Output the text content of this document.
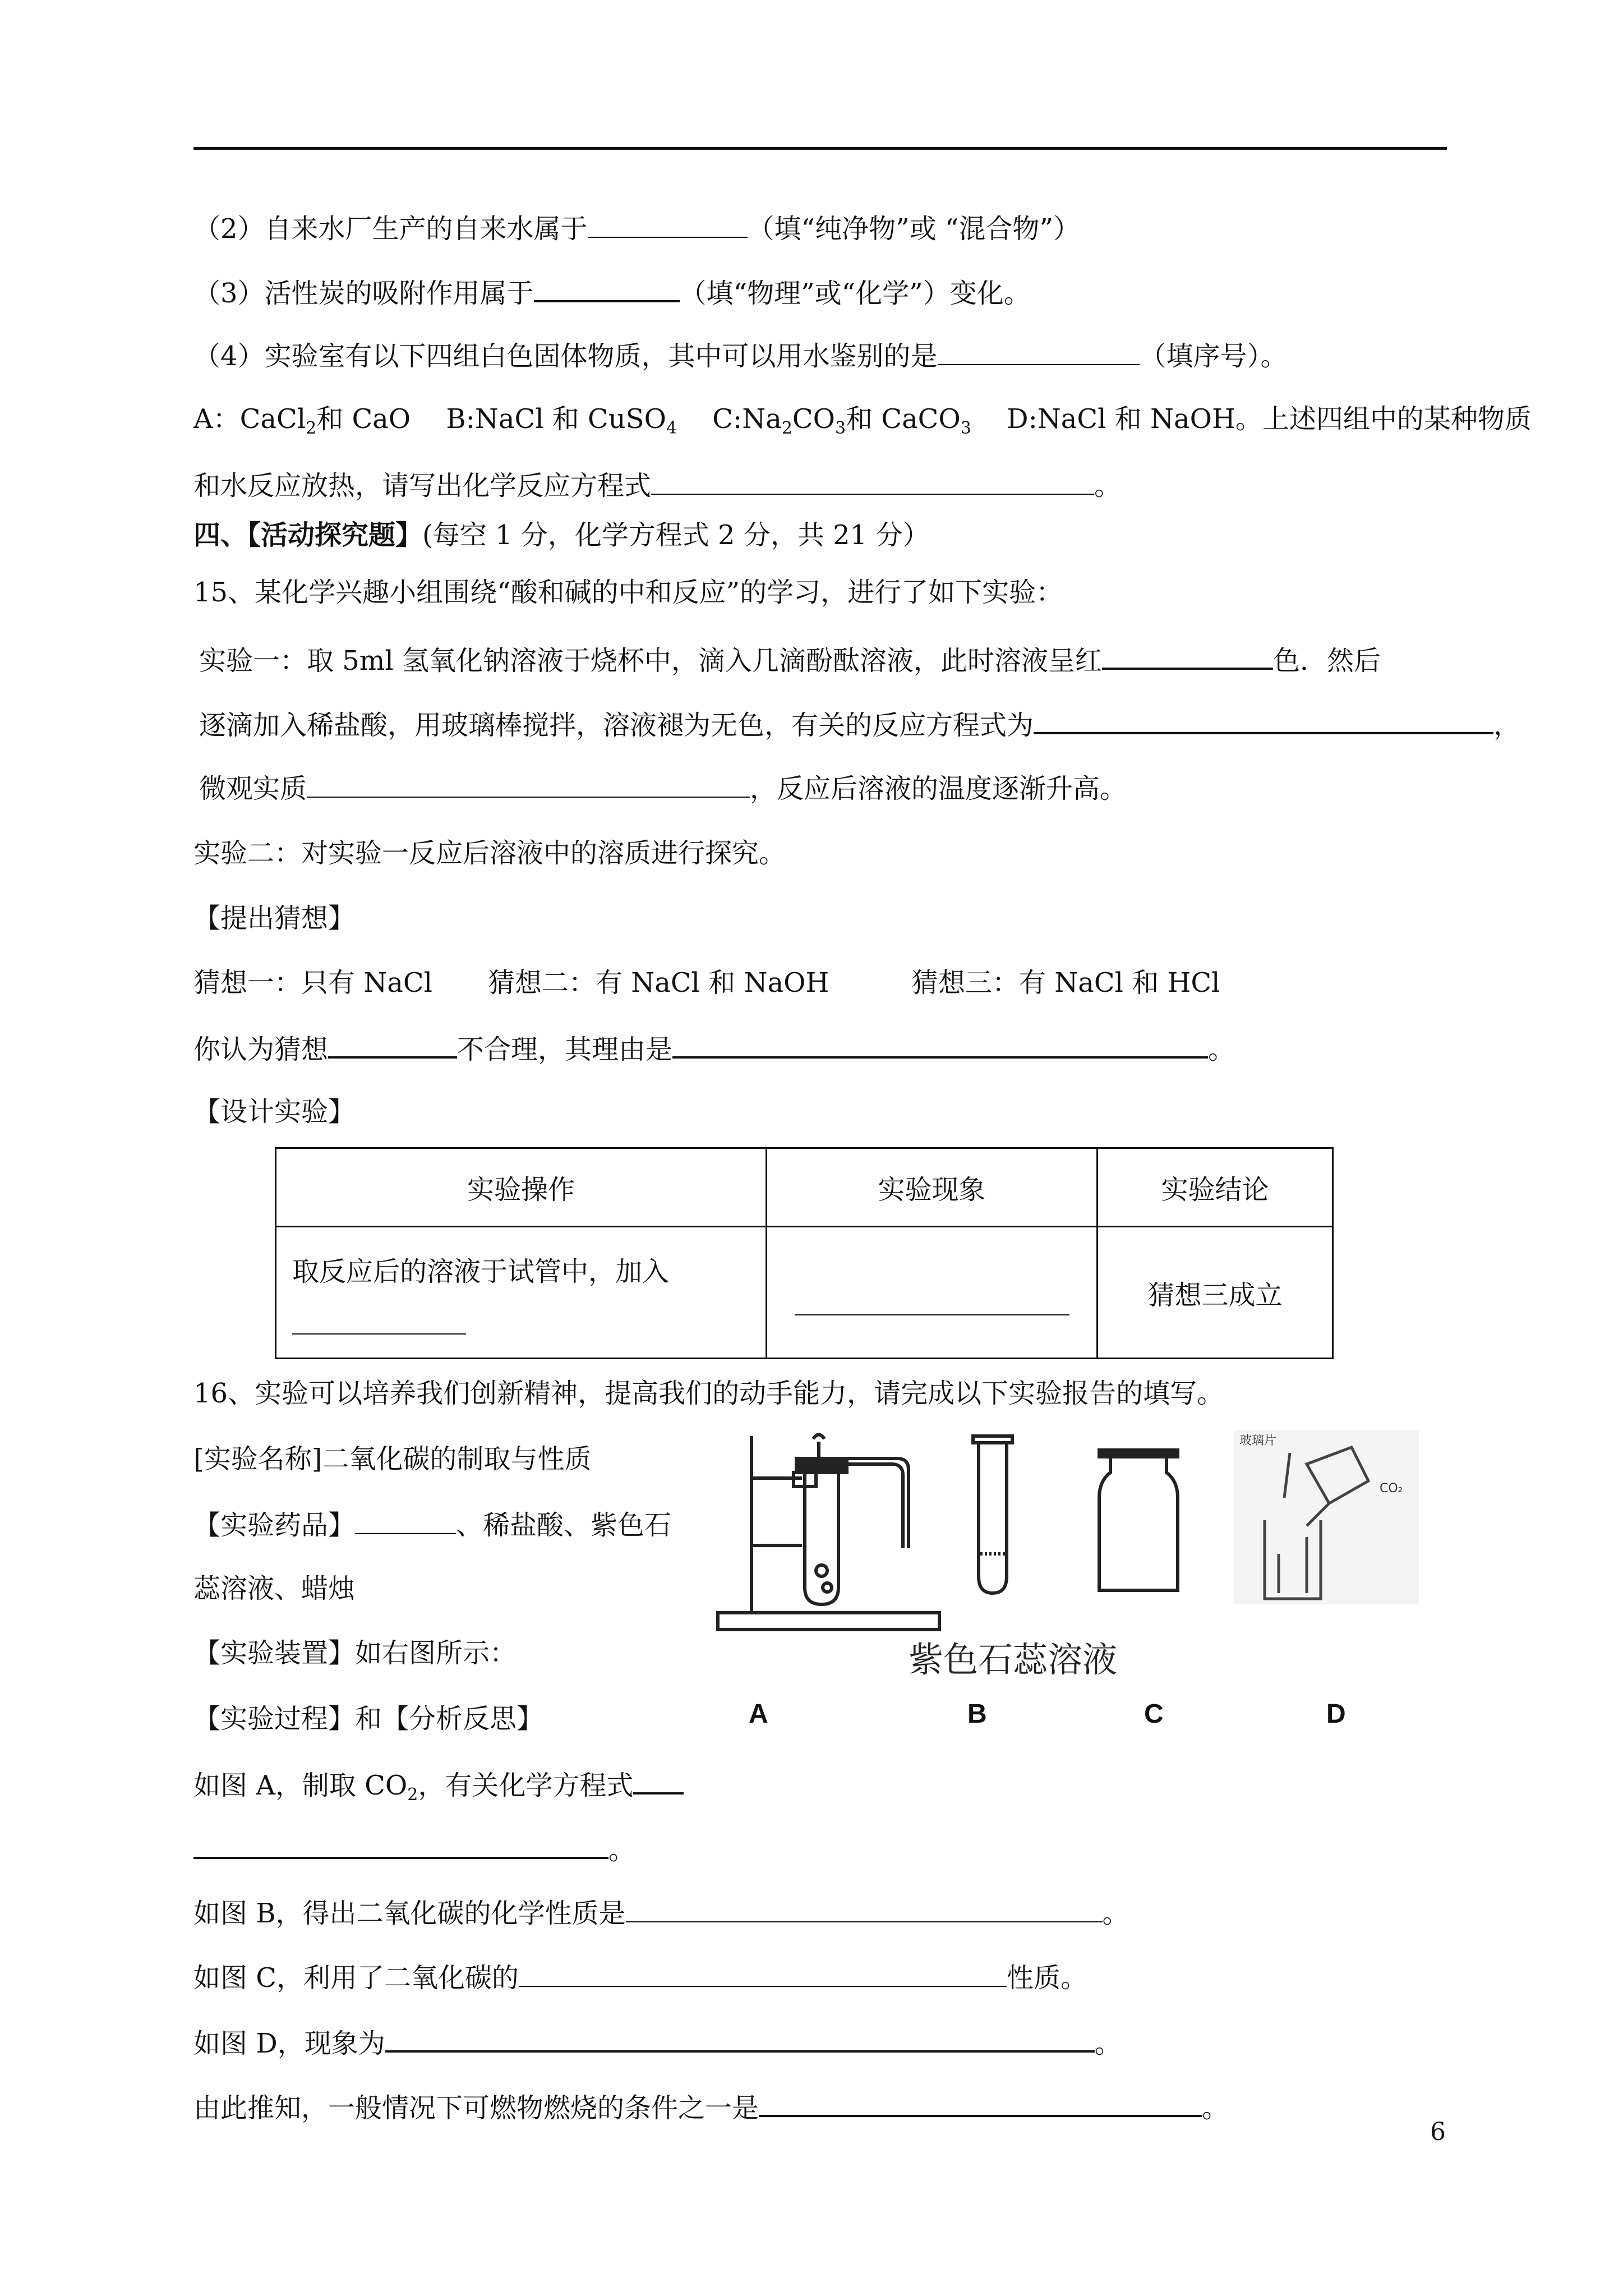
（2）自来水厂生产的自来水属于	（填“纯净物”或 “混合物”）
（3）活性炭的吸附作用属于	（填“物理”或“化学”）变化。
（4）实验室有以下四组白色固体物质，其中可以用水鉴别的是	（填序号）。
A：CaCl$_2$和 CaO　 B:NaCl 和 CuSO$_4$　 $C:Na_2CO_3$和 CaCO$_3$　 D:NaCl 和 NaOH。上述四组中的某种物质
和水反应放热，请写出化学反应方程式	。
四、【活动探究题】(每空 1 分，化学方程式 2 分，共 21 分）
15、某化学兴趣小组围绕“酸和碱的中和反应”的学习，进行了如下实验：
实验一：取 5ml 氢氧化钠溶液于烧杯中，滴入几滴酚酞溶液，此时溶液呈红	色．然后
逐滴加入稀盐酸，用玻璃棒搅拌，溶液褪为无色，有关的反应方程式为	，
微观实质	，反应后溶液的温度逐渐升高。
实验二：对实验一反应后溶液中的溶质进行探究。
【提出猜想】
猜想一：只有 NaCl 猜想二：有 NaCl 和 NaOH	猜想三：有 NaCl 和 HCl
你认为猜想	不合理，其理由是	。
【设计实验】
实验操作	实验现象	实验结论

取反应后的溶液于试管中，加入		猜想三成立
16、实验可以培养我们创新精神，提高我们的动手能力，请完成以下实验报告的填写。
[实验名称]二氧化碳的制取与性质
【实验药品】	、稀盐酸、紫色石
蕊溶液、蜡烛
【实验装置】如右图所示：
【实验过程】和【分析反思】
如图 A，制取 $CO_2$，有关化学方程式
。
如图 B，得出二氧化碳的化学性质是	。
如图 C，利用了二氧化碳的	性质。
如图 D，现象为	。
由此推知，一般情况下可燃物燃烧的条件之一是	。
玻璃片
CO₂
紫色石蕊溶液
A	B	C	D
6
